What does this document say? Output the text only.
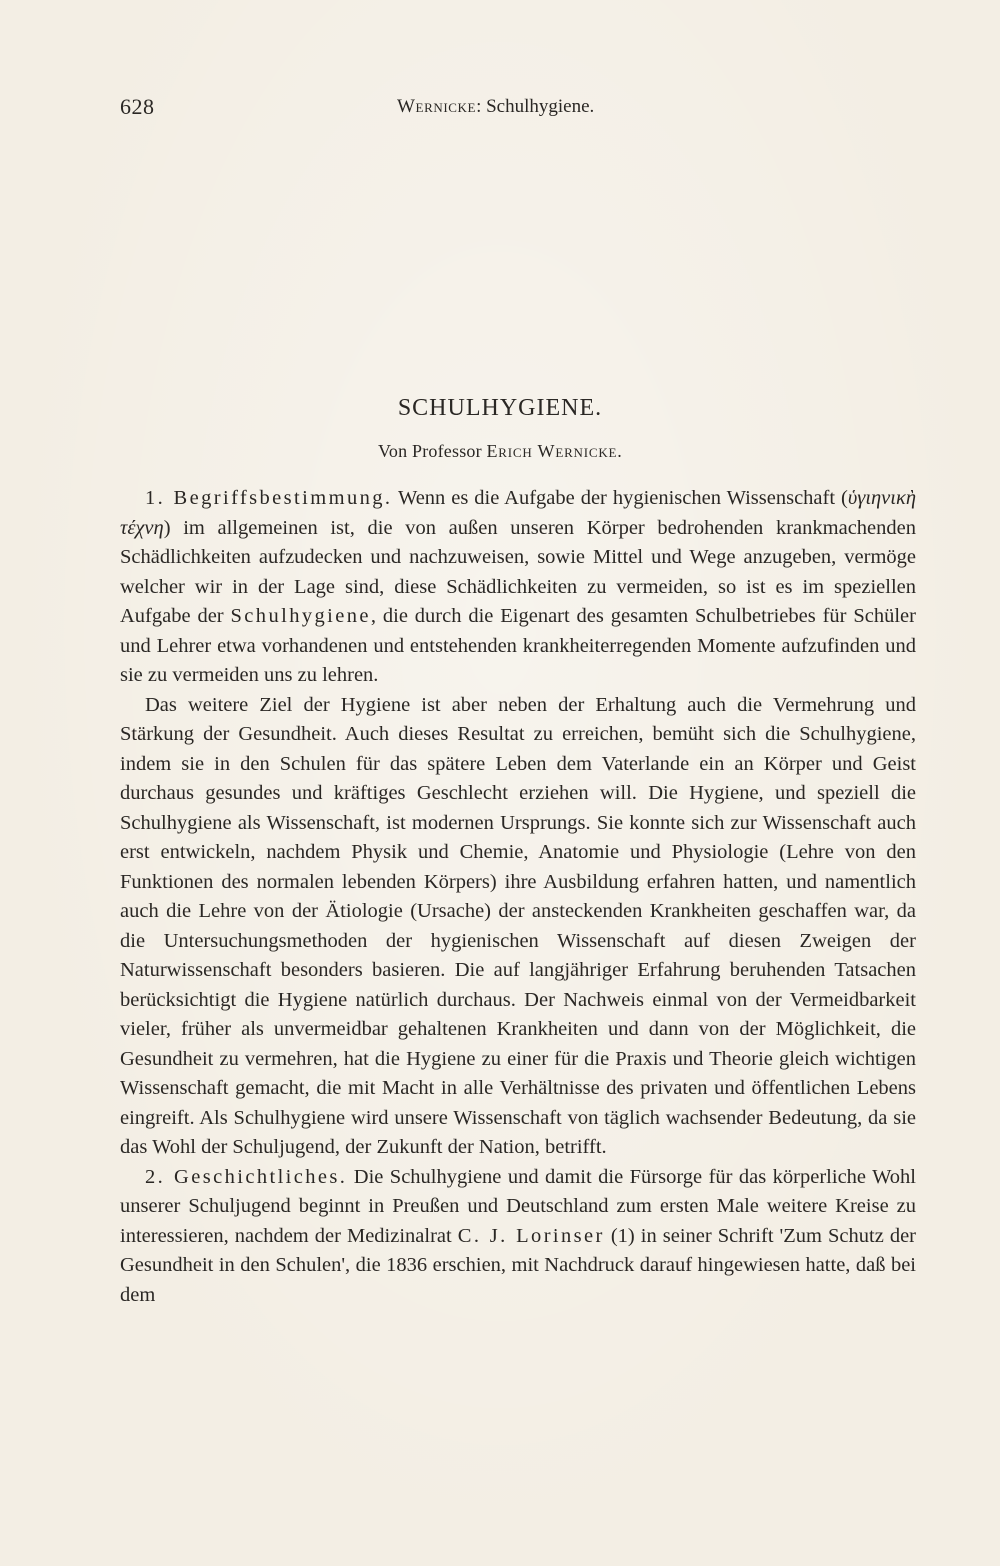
628	Wernicke: Schulhygiene.
SCHULHYGIENE.
Von Professor Erich Wernicke.

1. Begriffsbestimmung. Wenn es die Aufgabe der hygienischen Wissenschaft (ὑγιηνικὴ τέχνη) im allgemeinen ist, die von außen unseren Körper bedrohenden krankmachenden Schädlichkeiten aufzudecken und nachzuweisen, sowie Mittel und Wege anzugeben, vermöge welcher wir in der Lage sind, diese Schädlichkeiten zu vermeiden, so ist es im speziellen Aufgabe der Schulhygiene, die durch die Eigenart des gesamten Schulbetriebes für Schüler und Lehrer etwa vorhandenen und entstehenden krankheiterregenden Momente aufzufinden und sie zu vermeiden uns zu lehren.

Das weitere Ziel der Hygiene ist aber neben der Erhaltung auch die Vermehrung und Stärkung der Gesundheit. Auch dieses Resultat zu erreichen, bemüht sich die Schulhygiene, indem sie in den Schulen für das spätere Leben dem Vaterlande ein an Körper und Geist durchaus gesundes und kräftiges Geschlecht erziehen will. Die Hygiene, und speziell die Schulhygiene als Wissenschaft, ist modernen Ursprungs. Sie konnte sich zur Wissenschaft auch erst entwickeln, nachdem Physik und Chemie, Anatomie und Physiologie (Lehre von den Funktionen des normalen lebenden Körpers) ihre Ausbildung erfahren hatten, und namentlich auch die Lehre von der Ätiologie (Ursache) der ansteckenden Krankheiten geschaffen war, da die Untersuchungsmethoden der hygienischen Wissenschaft auf diesen Zweigen der Naturwissenschaft besonders basieren. Die auf langjähriger Erfahrung beruhenden Tatsachen berücksichtigt die Hygiene natürlich durchaus. Der Nachweis einmal von der Vermeidbarkeit vieler, früher als unvermeidbar gehaltenen Krankheiten und dann von der Möglichkeit, die Gesundheit zu vermehren, hat die Hygiene zu einer für die Praxis und Theorie gleich wichtigen Wissenschaft gemacht, die mit Macht in alle Verhältnisse des privaten und öffentlichen Lebens eingreift. Als Schulhygiene wird unsere Wissenschaft von täglich wachsender Bedeutung, da sie das Wohl der Schuljugend, der Zukunft der Nation, betrifft.

2. Geschichtliches. Die Schulhygiene und damit die Fürsorge für das körperliche Wohl unserer Schuljugend beginnt in Preußen und Deutschland zum ersten Male weitere Kreise zu interessieren, nachdem der Medizinalrat C. J. Lorinser (1) in seiner Schrift 'Zum Schutz der Gesundheit in den Schulen', die 1836 erschien, mit Nachdruck darauf hingewiesen hatte, daß bei dem
